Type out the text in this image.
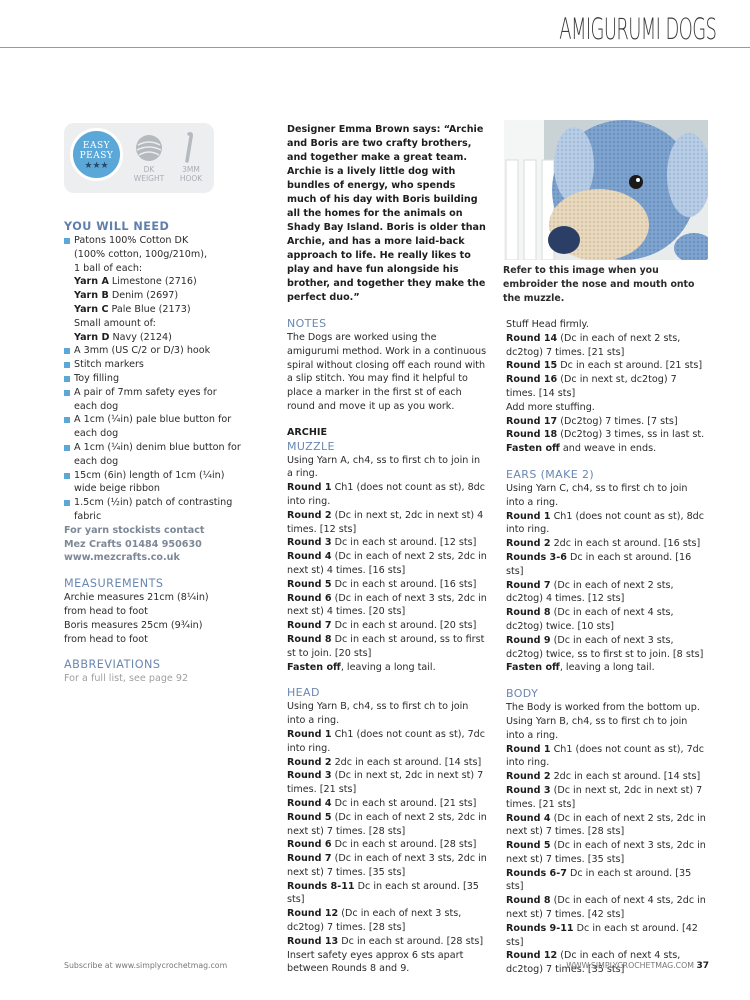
AMIGURUMI DOGS
EASY
PEASY
★★★	DK
WEIGHT
3MM
HOOK

YOU WILL NEED

Patons 100% Cotton DK
(100% cotton, 100g/210m),
1 ball of each:
Yarn A Limestone (2716)
Yarn B Denim (2697)
Yarn C Pale Blue (2173)
Small amount of:
Yarn D Navy (2124)
A 3mm (US C/2 or D/3) hook
Stitch markers
Toy filling
A pair of 7mm safety eyes for each dog
A 1cm (¼in) pale blue button for each dog
A 1cm (¼in) denim blue button for each dog
15cm (6in) length of 1cm (¼in) wide beige ribbon
1.5cm (½in) patch of contrasting fabric
For yarn stockists contact
Mez Crafts 01484 950630
www.mezcrafts.co.uk

MEASUREMENTS

Archie measures 21cm (8¼in) from head to foot

Boris measures 25cm (9¾in) from head to foot

ABBREVIATIONS

For a full list, see page 92

Designer Emma Brown says: “Archie and Boris are two crafty brothers, and together make a great team. Archie is a lively little dog with bundles of energy, who spends much of his day with Boris building all the homes for the animals on Shady Bay Island. Boris is older than Archie, and has a more laid-back approach to life. He really likes to play and have fun alongside his brother, and together they make the perfect duo.”

NOTES

The Dogs are worked using the amigurumi method. Work in a continuous spiral without closing off each round with a slip stitch. You may find it helpful to place a marker in the first st of each round and move it up as you work.

ARCHIE

MUZZLE

Using Yarn A, ch4, ss to first ch to join in a ring.

Round 1 Ch1 (does not count as st), 8dc into ring.

Round 2 (Dc in next st, 2dc in next st) 4 times. [12 sts]

Round 3 Dc in each st around. [12 sts]

Round 4 (Dc in each of next 2 sts, 2dc in next st) 4 times. [16 sts]

Round 5 Dc in each st around. [16 sts]

Round 6 (Dc in each of next 3 sts, 2dc in next st) 4 times. [20 sts]

Round 7 Dc in each st around. [20 sts]

Round 8 Dc in each st around, ss to first st to join. [20 sts]

Fasten off, leaving a long tail.

HEAD

Using Yarn B, ch4, ss to first ch to join into a ring.

Round 1 Ch1 (does not count as st), 7dc into ring.

Round 2 2dc in each st around. [14 sts]

Round 3 (Dc in next st, 2dc in next st) 7 times. [21 sts]

Round 4 Dc in each st around. [21 sts]

Round 5 (Dc in each of next 2 sts, 2dc in next st) 7 times. [28 sts]

Round 6 Dc in each st around. [28 sts]

Round 7 (Dc in each of next 3 sts, 2dc in next st) 7 times. [35 sts]

Rounds 8-11 Dc in each st around. [35 sts]

Round 12 (Dc in each of next 3 sts, dc2tog) 7 times. [28 sts]

Round 13 Dc in each st around. [28 sts]

Insert safety eyes approx 6 sts apart between Rounds 8 and 9.

Refer to this image when you embroider the nose and mouth onto the muzzle.

Stuff Head firmly.

Round 14 (Dc in each of next 2 sts, dc2tog) 7 times. [21 sts]

Round 15 Dc in each st around. [21 sts]

Round 16 (Dc in next st, dc2tog) 7 times. [14 sts]

Add more stuffing.

Round 17 (Dc2tog) 7 times. [7 sts]

Round 18 (Dc2tog) 3 times, ss in last st.

Fasten off and weave in ends.

EARS (MAKE 2)

Using Yarn C, ch4, ss to first ch to join into a ring.

Round 1 Ch1 (does not count as st), 8dc into ring.

Round 2 2dc in each st around. [16 sts]

Rounds 3-6 Dc in each st around. [16 sts]

Round 7 (Dc in each of next 2 sts, dc2tog) 4 times. [12 sts]

Round 8 (Dc in each of next 4 sts, dc2tog) twice. [10 sts]

Round 9 (Dc in each of next 3 sts, dc2tog) twice, ss to first st to join. [8 sts]

Fasten off, leaving a long tail.

BODY

The Body is worked from the bottom up. Using Yarn B, ch4, ss to first ch to join into a ring.

Round 1 Ch1 (does not count as st), 7dc into ring.

Round 2 2dc in each st around. [14 sts]

Round 3 (Dc in next st, 2dc in next st) 7 times. [21 sts]

Round 4 (Dc in each of next 2 sts, 2dc in next st) 7 times. [28 sts]

Round 5 (Dc in each of next 3 sts, 2dc in next st) 7 times. [35 sts]

Rounds 6-7 Dc in each st around. [35 sts]

Round 8 (Dc in each of next 4 sts, 2dc in next st) 7 times. [42 sts]

Rounds 9-11 Dc in each st around. [42 sts]

Round 12 (Dc in each of next 4 sts, dc2tog) 7 times. [35 sts]

Subscribe at www.simplycrochetmag.com	WWW.SIMPLYCROCHETMAG.COM 37
